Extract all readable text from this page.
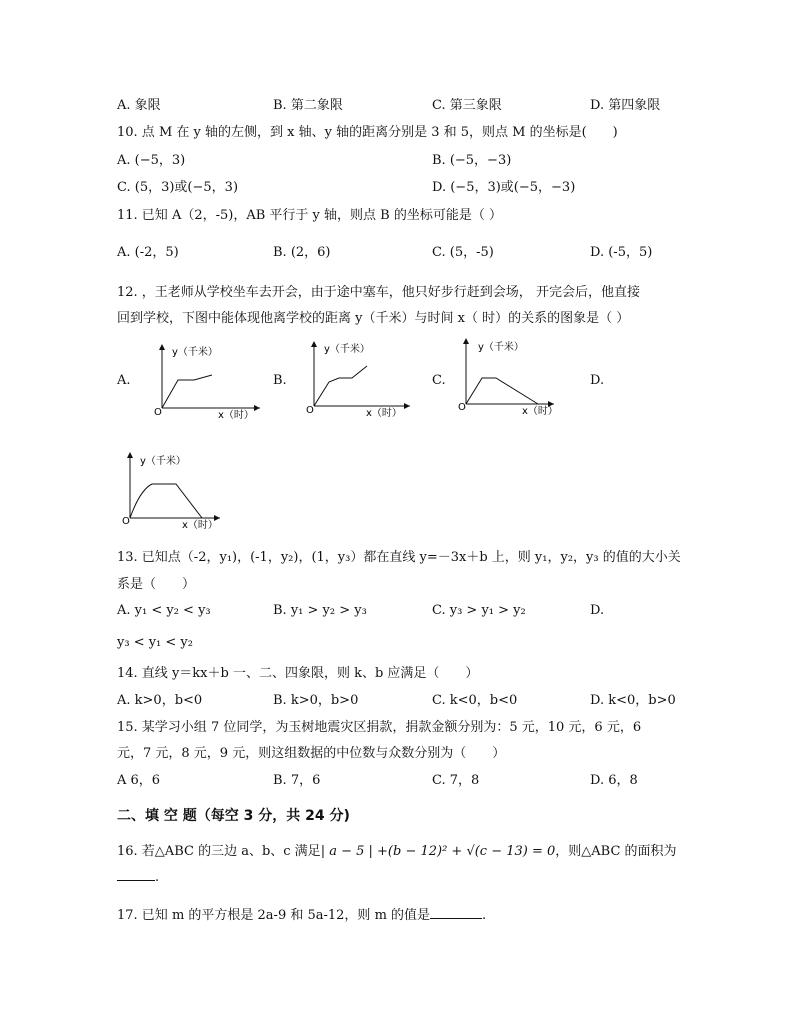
A. 象限	B. 第二象限	C. 第三象限	D. 第四象限
10. 点 M 在 y 轴的左侧，到 x 轴、y 轴的距离分别是 3 和 5，则点 M 的坐标是(　　)
A. (−5，3)	B. (−5，−3)
C. (5，3)或(−5，3)	D. (−5，3)或(−5，−3)
11. 已知 A（2，-5)，AB 平行于 y 轴，则点 B 的坐标可能是（ ）
A. (-2，5)	B. (2，6)	C. (5，-5)	D. (-5，5)
12. ，王老师从学校坐车去开会，由于途中塞车，他只好步行赶到会场， 开完会后，他直接
回到学校，下图中能体现他离学校的距离 y（千米）与时间 x（ 时）的关系的图象是（ ）
A.	B.	C.	D.
y（千米）
x（时）
O
y（千米）
x（时）
O
y（千米）
x（时）
O
y（千米）
x（时）
O
13. 已知点（-2，y₁)，(-1，y₂)，(1，y₃）都在直线 y=－3x＋b 上，则 y₁，y₂，y₃ 的值的大小关
系是（　　）
A. y₁ < y₂ < y₃	B. y₁ > y₂ > y₃	C. y₃ > y₁ > y₂	D.
y₃ < y₁ < y₂
14. 直线 y＝kx＋b 一、二、四象限，则 k、b 应满足（　　）
A. k>0，b<0	B. k>0，b>0	C. k<0，b<0	D. k<0，b>0
15. 某学习小组 7 位同学，为玉树地震灾区捐款，捐款金额分别为：5 元，10 元，6 元，6
元，7 元，8 元，9 元，则这组数据的中位数与众数分别为（　　）
A 6，6	B. 7，6	C. 7，8	D. 6，8
二、填 空 题（每空 3 分，共 24 分)
16. 若△ABC 的三边 a、b、c 满足| a − 5 | +(b − 12)² + √(c − 13) = 0，则△ABC 的面积为
.
17. 已知 m 的平方根是 2a-9 和 5a-12，则 m 的值是	.
